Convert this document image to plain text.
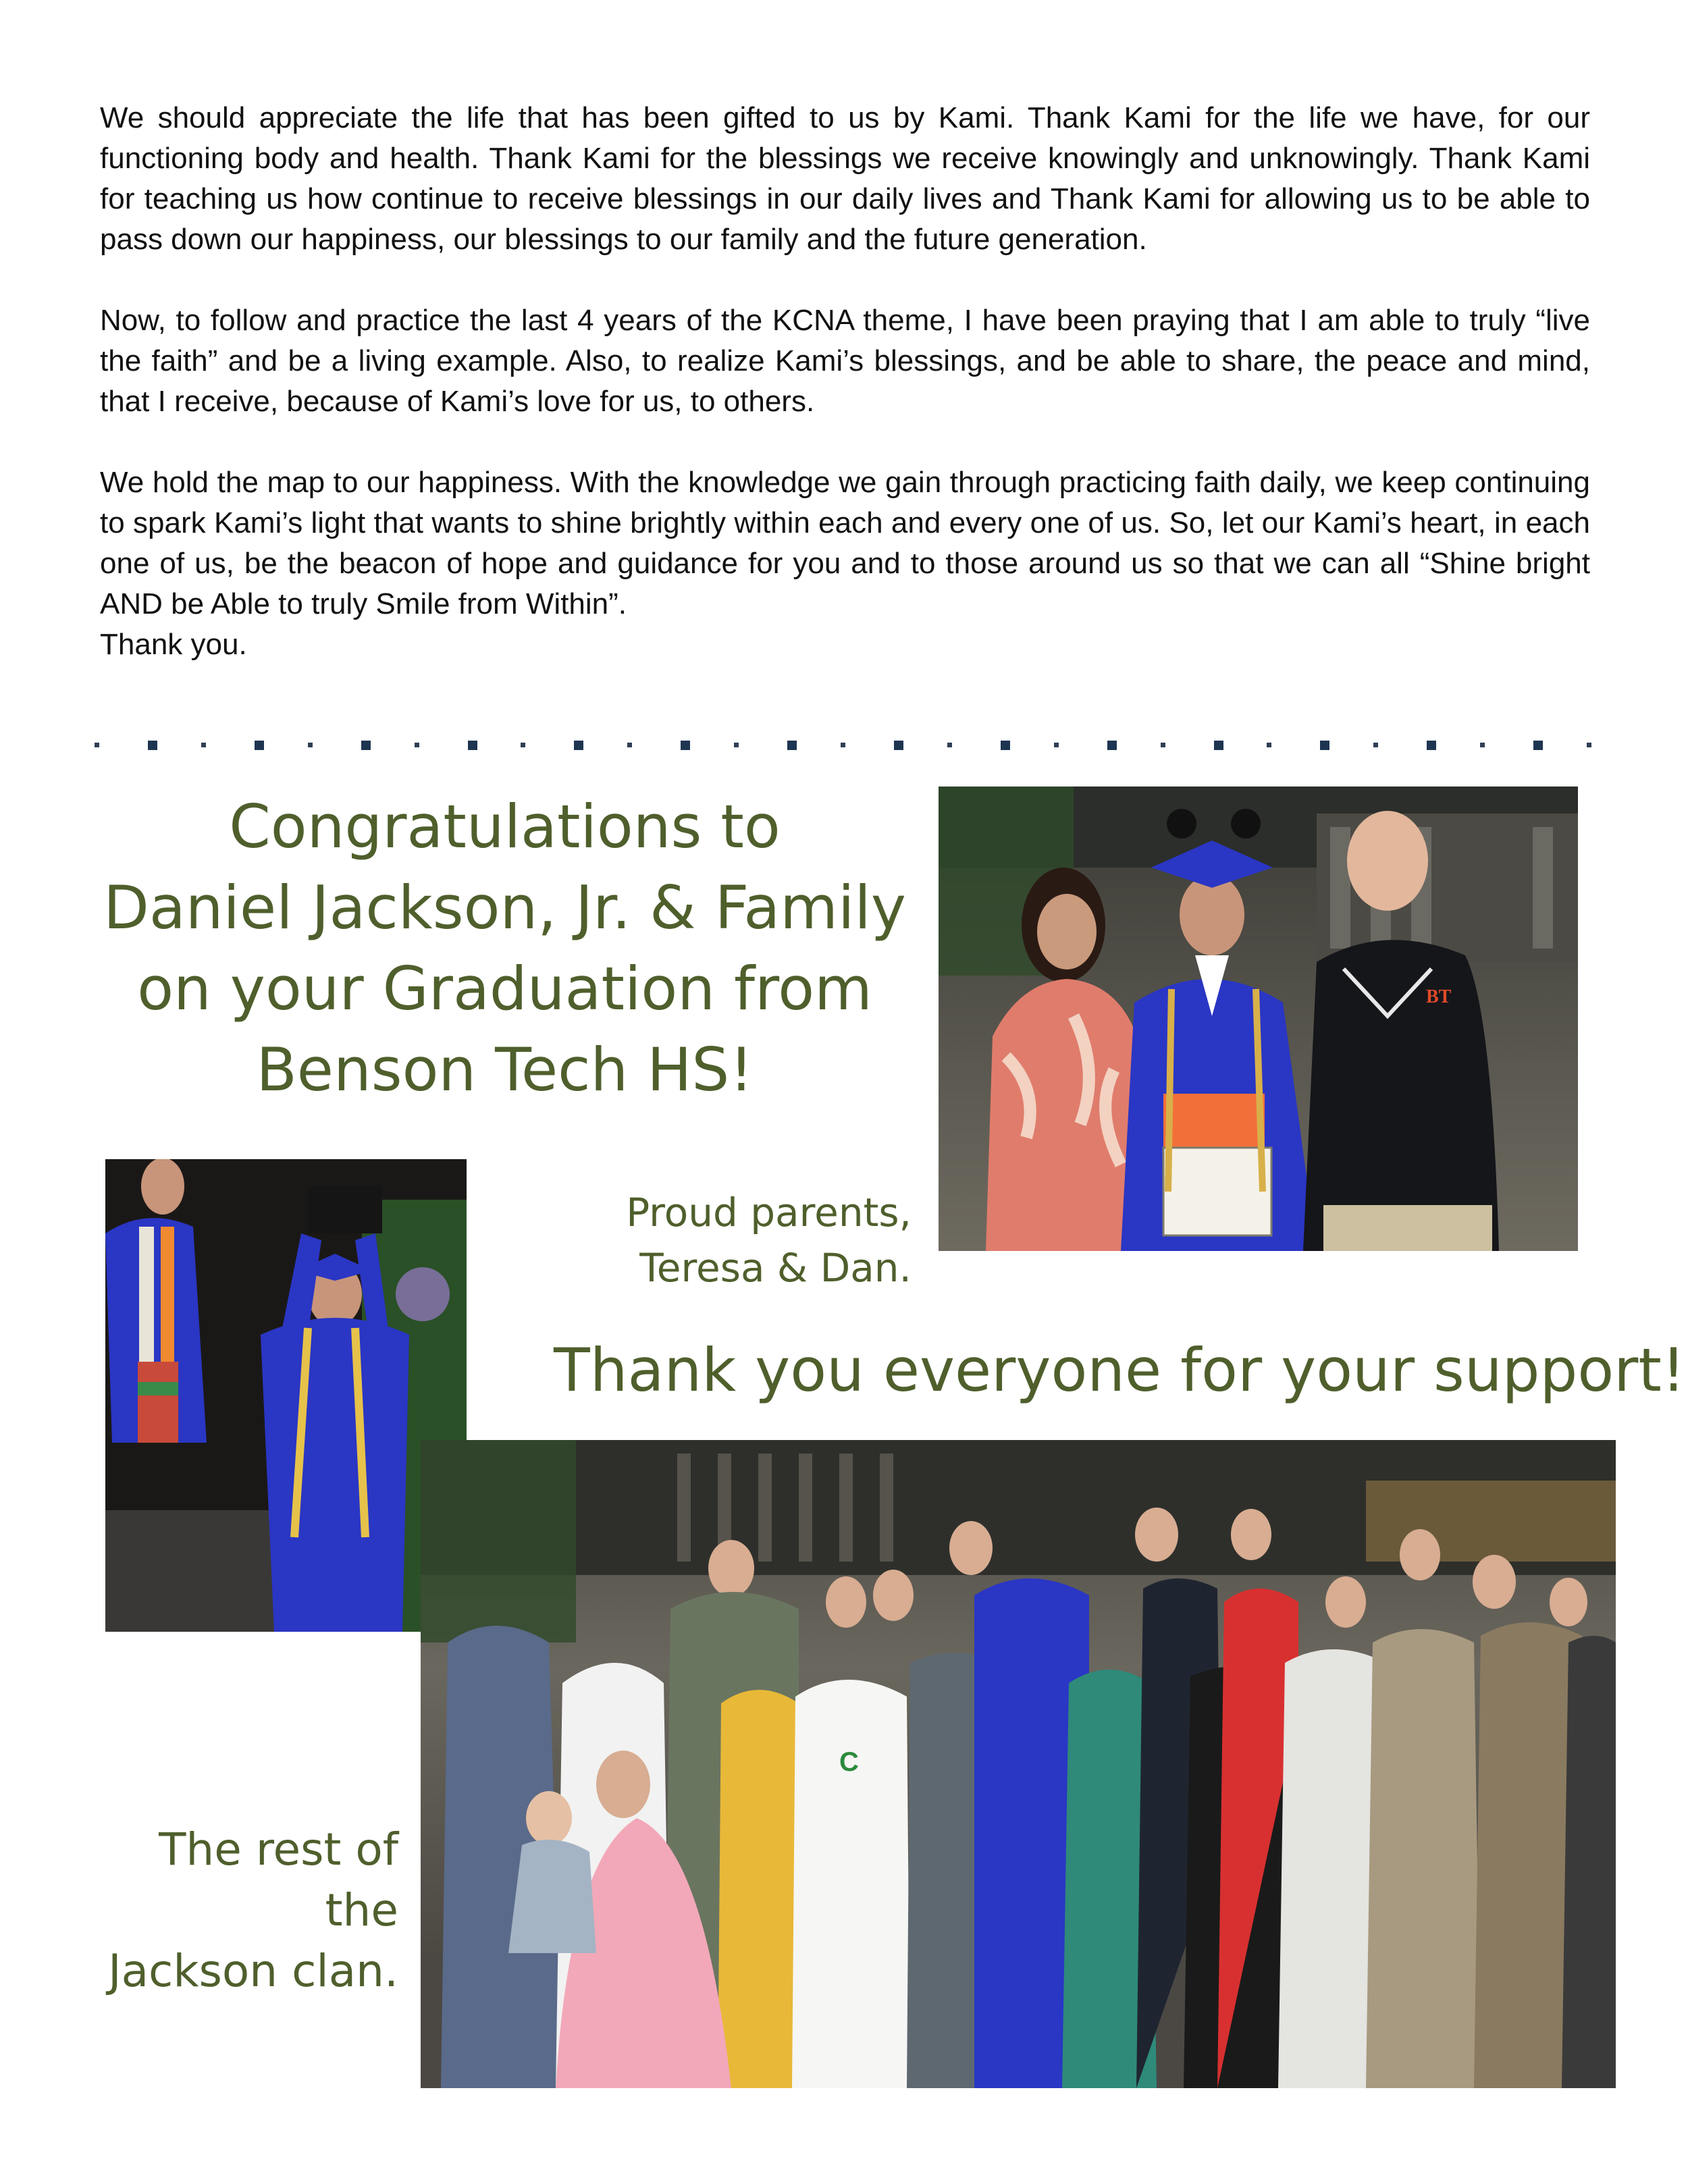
We should appreciate the life that has been gifted to us by Kami. Thank Kami for the life we have, for our functioning body and health. Thank Kami for the blessings we receive knowingly and unknowingly. Thank Kami for teaching us how continue to receive blessings in our daily lives and Thank Kami for allowing us to be able to pass down our happiness, our blessings to our family and the future generation.

Now, to follow and practice the last 4 years of the KCNA theme, I have been praying that I am able to truly “live the faith” and be a living example. Also, to realize Kami’s blessings, and be able to share, the peace and mind, that I receive, because of Kami’s love for us, to others.

We hold the map to our happiness. With the knowledge we gain through practicing faith daily, we keep continuing to spark Kami’s light that wants to shine brightly within each and every one of us. So, let our Kami’s heart, in each one of us, be the beacon of hope and guidance for you and to those around us so that we can all “Shine bright AND be Able to truly Smile from Within”.

Thank you.

Congratulations to
Daniel Jackson, Jr. & Family
on your Graduation from
Benson Tech HS!
BT
Proud parents,
Teresa & Dan.
Thank you everyone for your support!
C
The rest of the
Jackson clan.
